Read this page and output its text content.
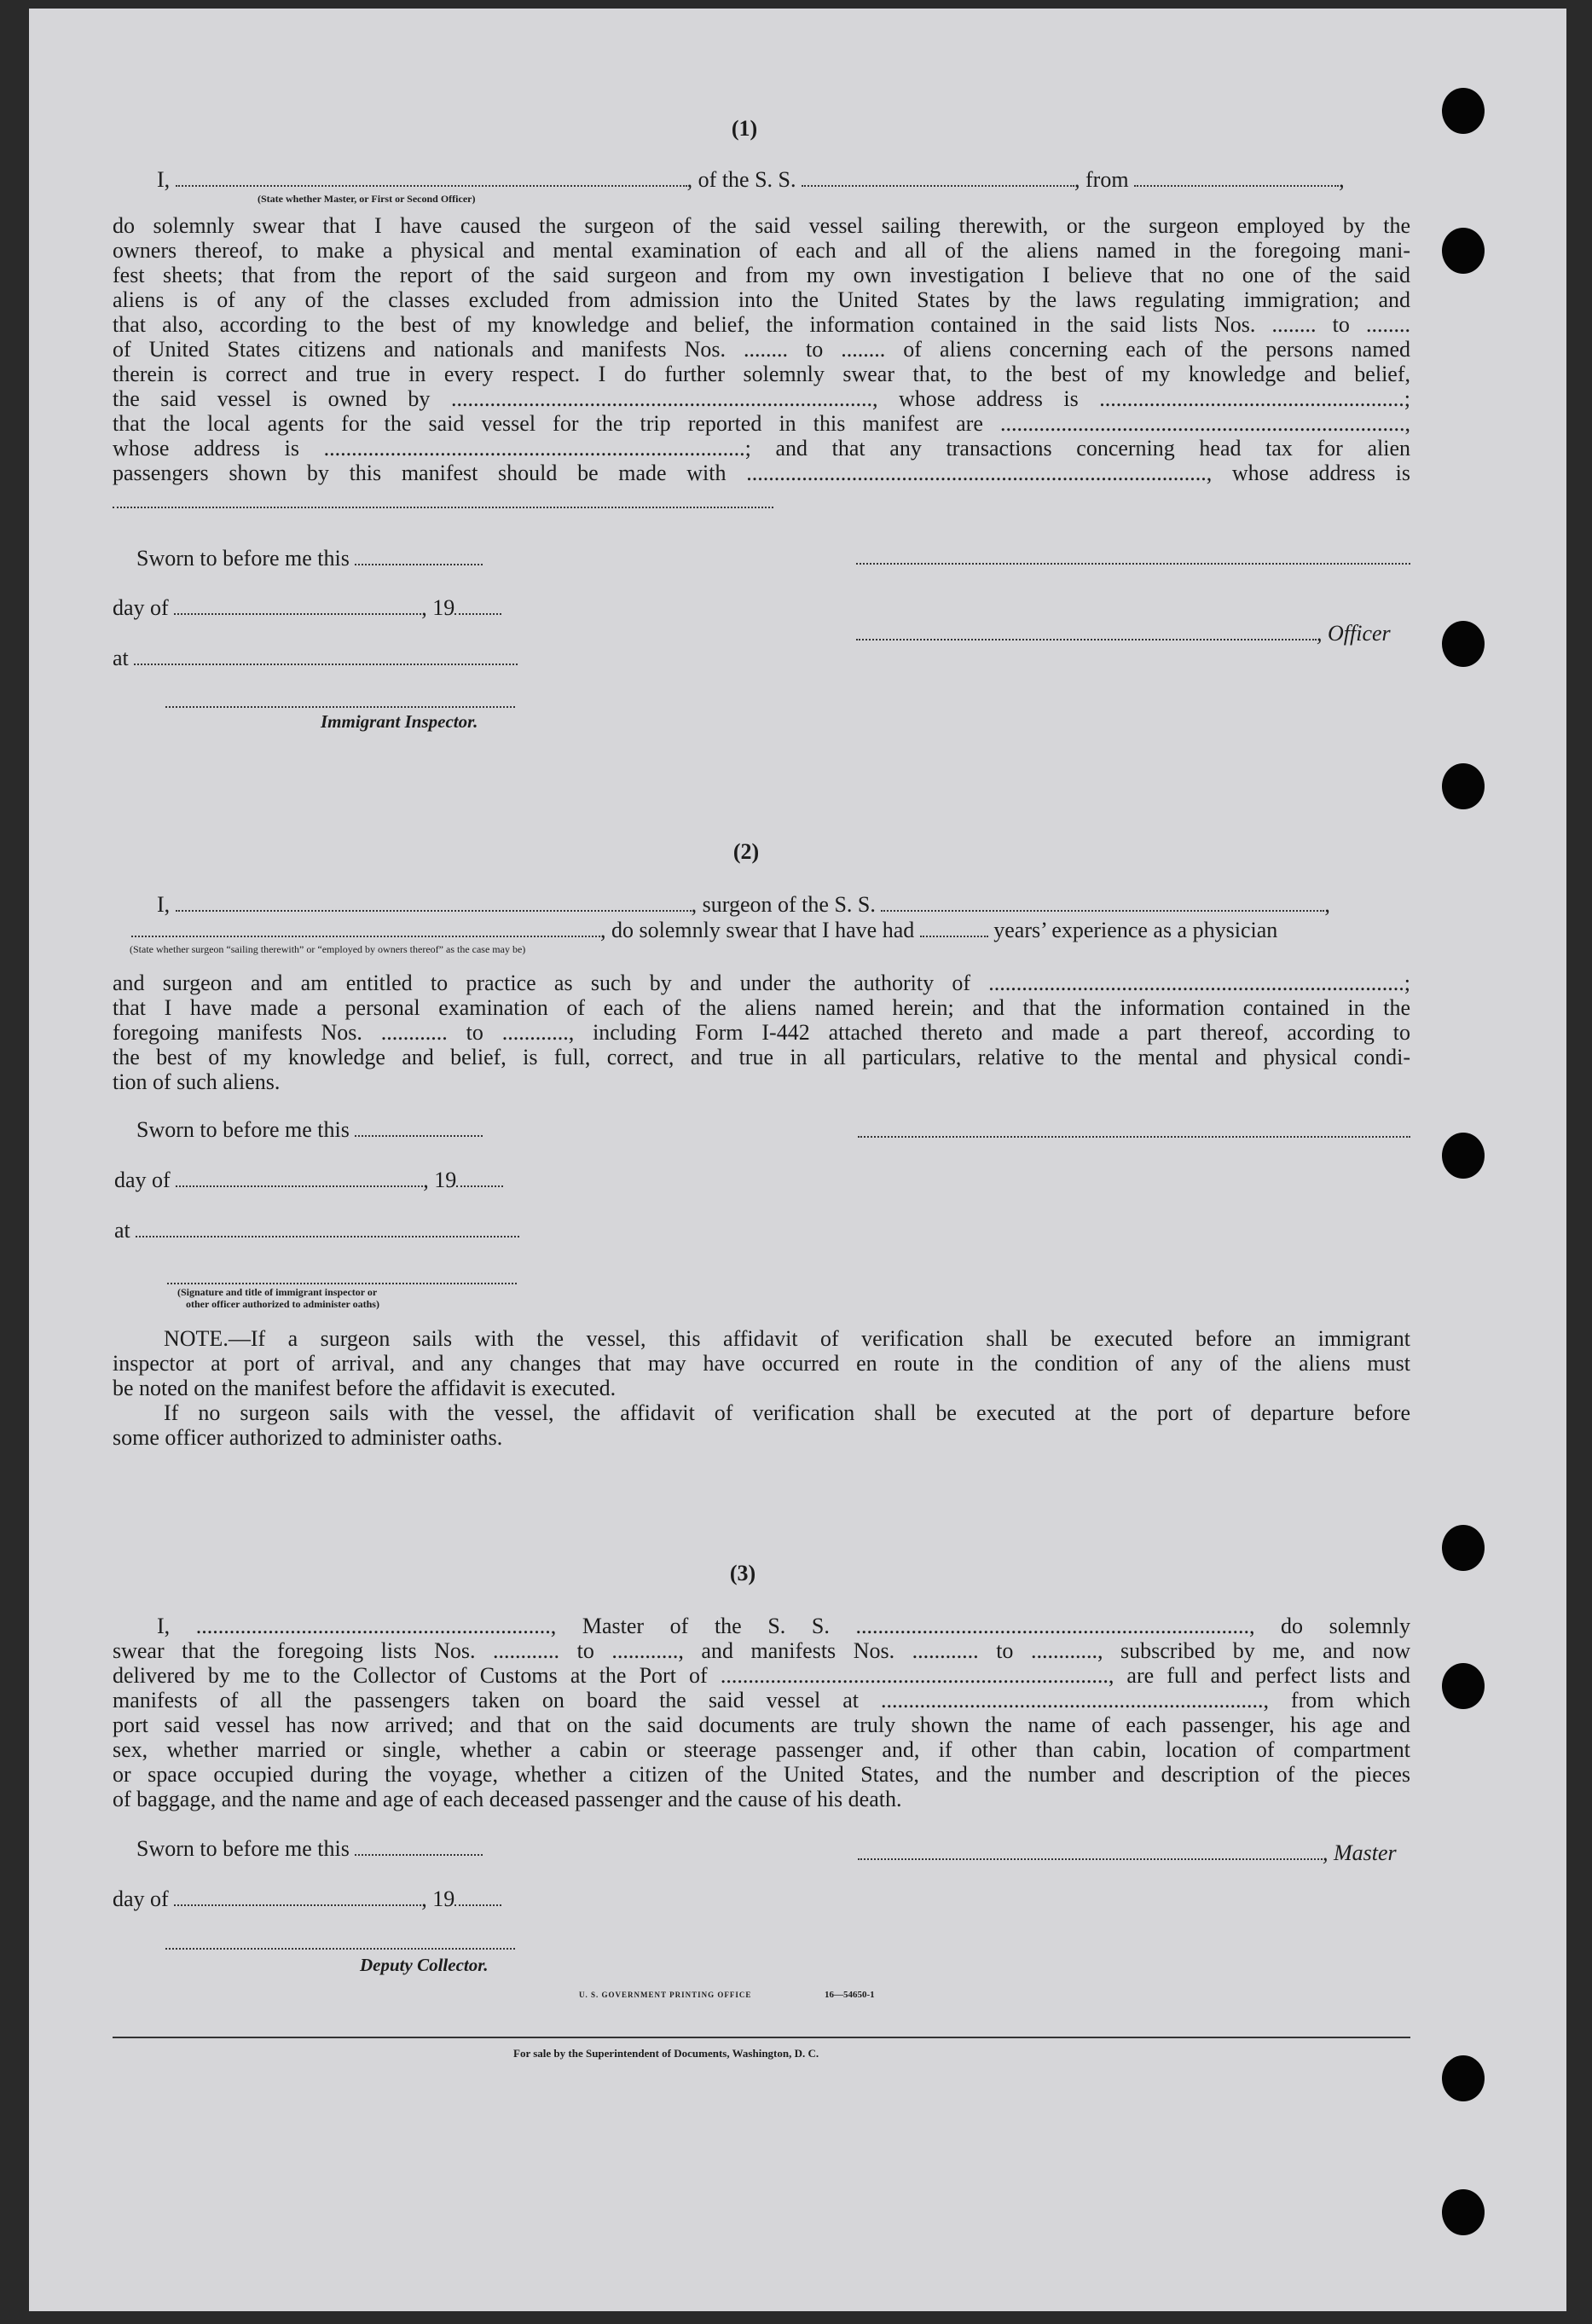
(1)
I,	, of the S. S.	, from	,
(State whether Master, or First or Second Officer)
do solemnly swear that I have caused the surgeon of the said vessel sailing therewith, or the surgeon employed by the
owners thereof, to make a physical and mental examination of each and all of the aliens named in the foregoing mani-
fest sheets; that from the report of the said surgeon and from my own investigation I believe that no one of the said
aliens is of any of the classes excluded from admission into the United States by the laws regulating immigration; and
that also, according to the best of my knowledge and belief, the information contained in the said lists Nos. ........ to ........
of United States citizens and nationals and manifests Nos. ........ to ........ of aliens concerning each of the persons named
therein is correct and true in every respect. I do further solemnly swear that, to the best of my knowledge and belief,
the said vessel is owned by ............................................................................, whose address is .......................................................;
that the local agents for the said vessel for the trip reported in this manifest are .........................................................................,
whose address is ............................................................................; and that any transactions concerning head tax for alien
passengers shown by this manifest should be made with ..................................................................................., whose address is
Sworn to before me this
day of	, 19
, Officer
at
Immigrant Inspector.
(2)
I,	, surgeon of the S. S.	,
, do solemnly swear that I have had	years’ experience as a physician
(State whether surgeon “sailing therewith” or “employed by owners thereof” as the case may be)
and surgeon and am entitled to practice as such by and under the authority of ...........................................................................;
that I have made a personal examination of each of the aliens named herein; and that the information contained in the
foregoing manifests Nos. ............ to ............, including Form I-442 attached thereto and made a part thereof, according to
the best of my knowledge and belief, is full, correct, and true in all particulars, relative to the mental and physical condi-
tion of such aliens.
Sworn to before me this
day of	, 19
at
(Signature and title of immigrant inspector or
other officer authorized to administer oaths)
NOTE.—If a surgeon sails with the vessel, this affidavit of verification shall be executed before an immigrant
inspector at port of arrival, and any changes that may have occurred en route in the condition of any of the aliens must
be noted on the manifest before the affidavit is executed.
If no surgeon sails with the vessel, the affidavit of verification shall be executed at the port of departure before
some officer authorized to administer oaths.
(3)
I, ................................................................, Master of the S. S. ......................................................................., do solemnly
swear that the foregoing lists Nos. ............ to ............, and manifests Nos. ............ to ............, subscribed by me, and now
delivered by me to the Collector of Customs at the Port of ......................................................................, are full and perfect lists and
manifests of all the passengers taken on board the said vessel at ....................................................................., from which
port said vessel has now arrived; and that on the said documents are truly shown the name of each passenger, his age and
sex, whether married or single, whether a cabin or steerage passenger and, if other than cabin, location of compartment
or space occupied during the voyage, whether a citizen of the United States, and the number and description of the pieces
of baggage, and the name and age of each deceased passenger and the cause of his death.
Sworn to before me this	, Master
day of	, 19
Deputy Collector.
U. S. GOVERNMENT PRINTING OFFICE	16—54650-1
For sale by the Superintendent of Documents, Washington, D. C.
